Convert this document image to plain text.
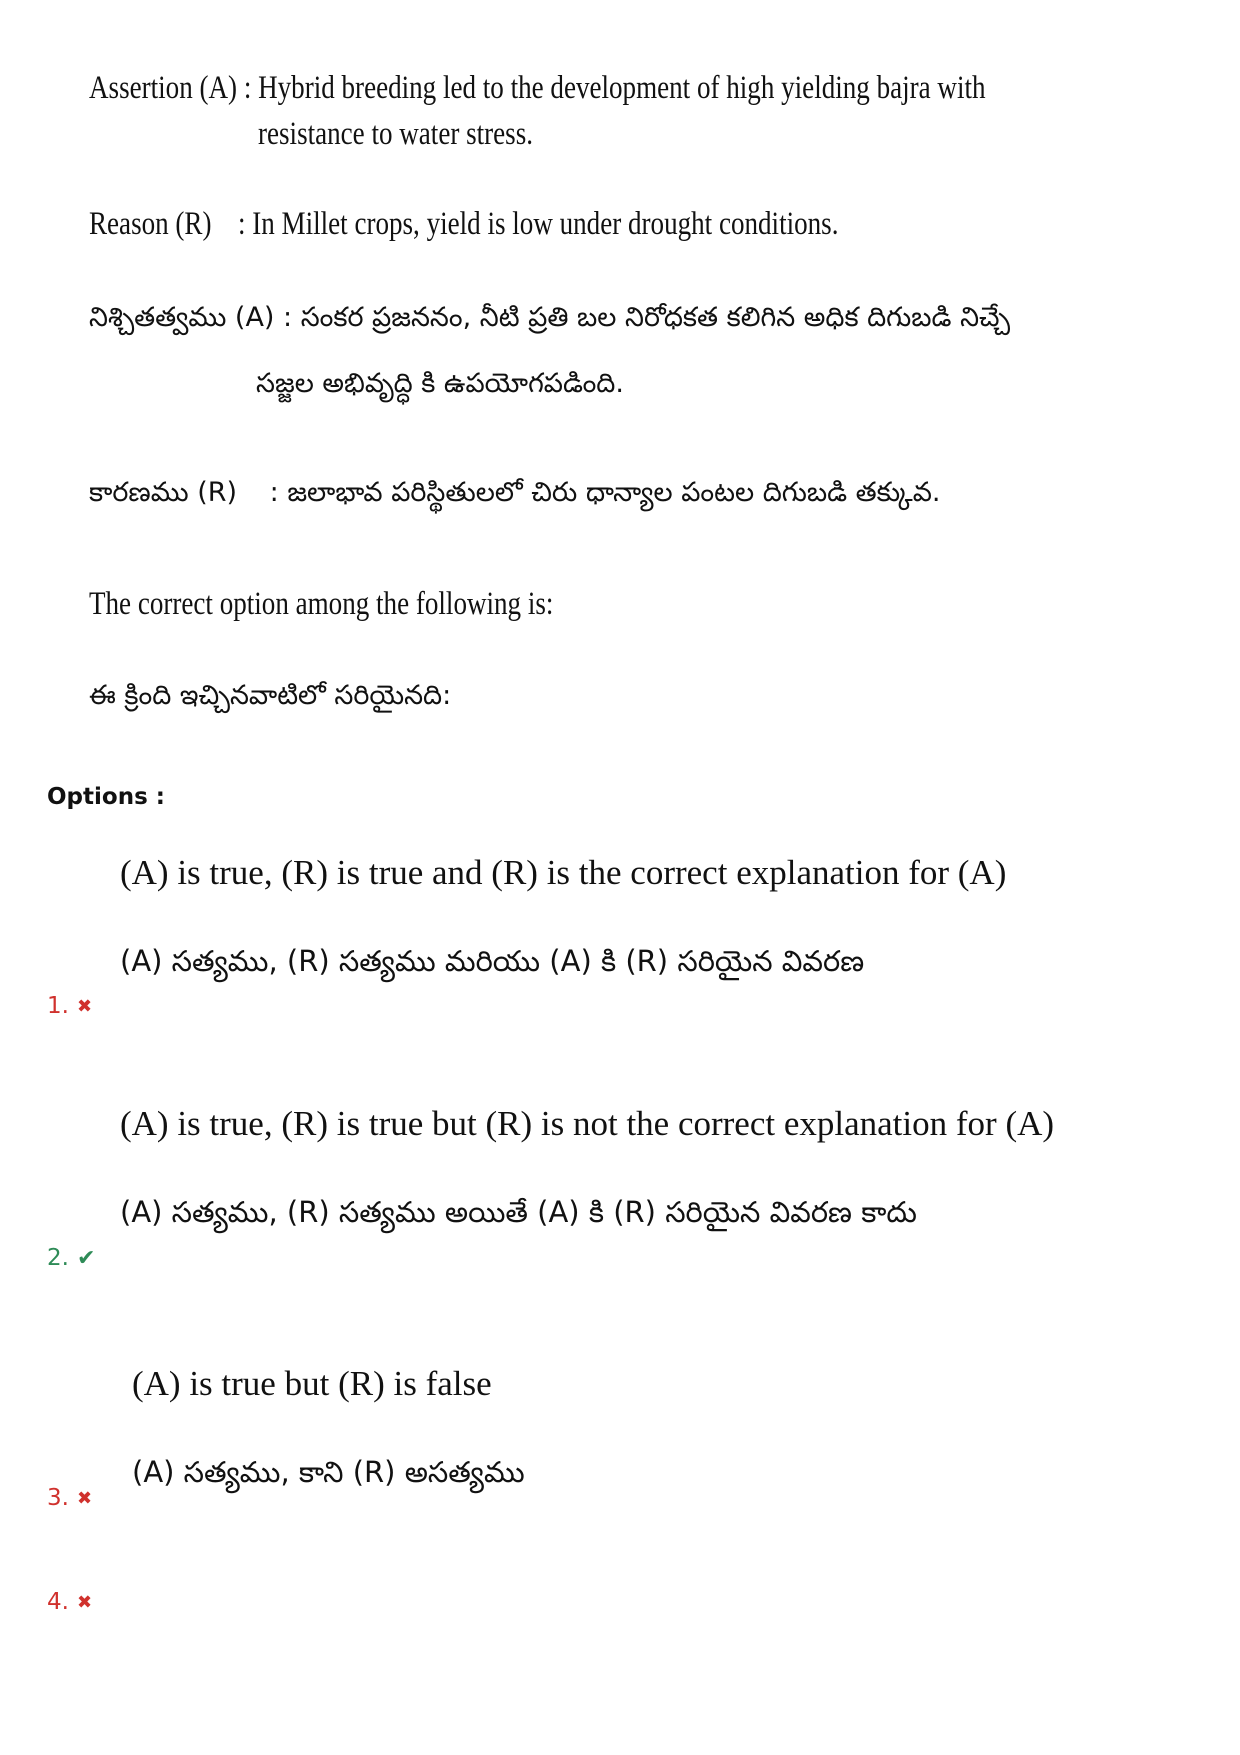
Assertion (A) : Hybrid breeding led to the development of high yielding bajra with
resistance to water stress.
Reason (R) : In Millet crops, yield is low under drought conditions.
నిశ్చితత్వము (A) : సంకర ప్రజననం, నీటి ప్రతి బల నిరోధకత కలిగిన అధిక దిగుబడి నిచ్చే
సజ్జల అభివృద్ధి కి ఉపయోగపడింది.
కారణము (R) : జలాభావ పరిస్థితులలో చిరు ధాన్యాల పంటల దిగుబడి తక్కువ.
The correct option among the following is:
ఈ క్రింది ఇచ్చినవాటిలో సరియైనది:
Options :
(A) is true, (R) is true and (R) is the correct explanation for (A)
(A) సత్యము, (R) సత్యము మరియు (A) కి (R) సరియైన వివరణ
1. ✖
(A) is true, (R) is true but (R) is not the correct explanation for (A)
(A) సత్యము, (R) సత్యము అయితే (A) కి (R) సరియైన వివరణ కాదు
2. ✔
(A) is true but (R) is false
(A) సత్యము, కాని (R) అసత్యము
3. ✖
4. ✖
